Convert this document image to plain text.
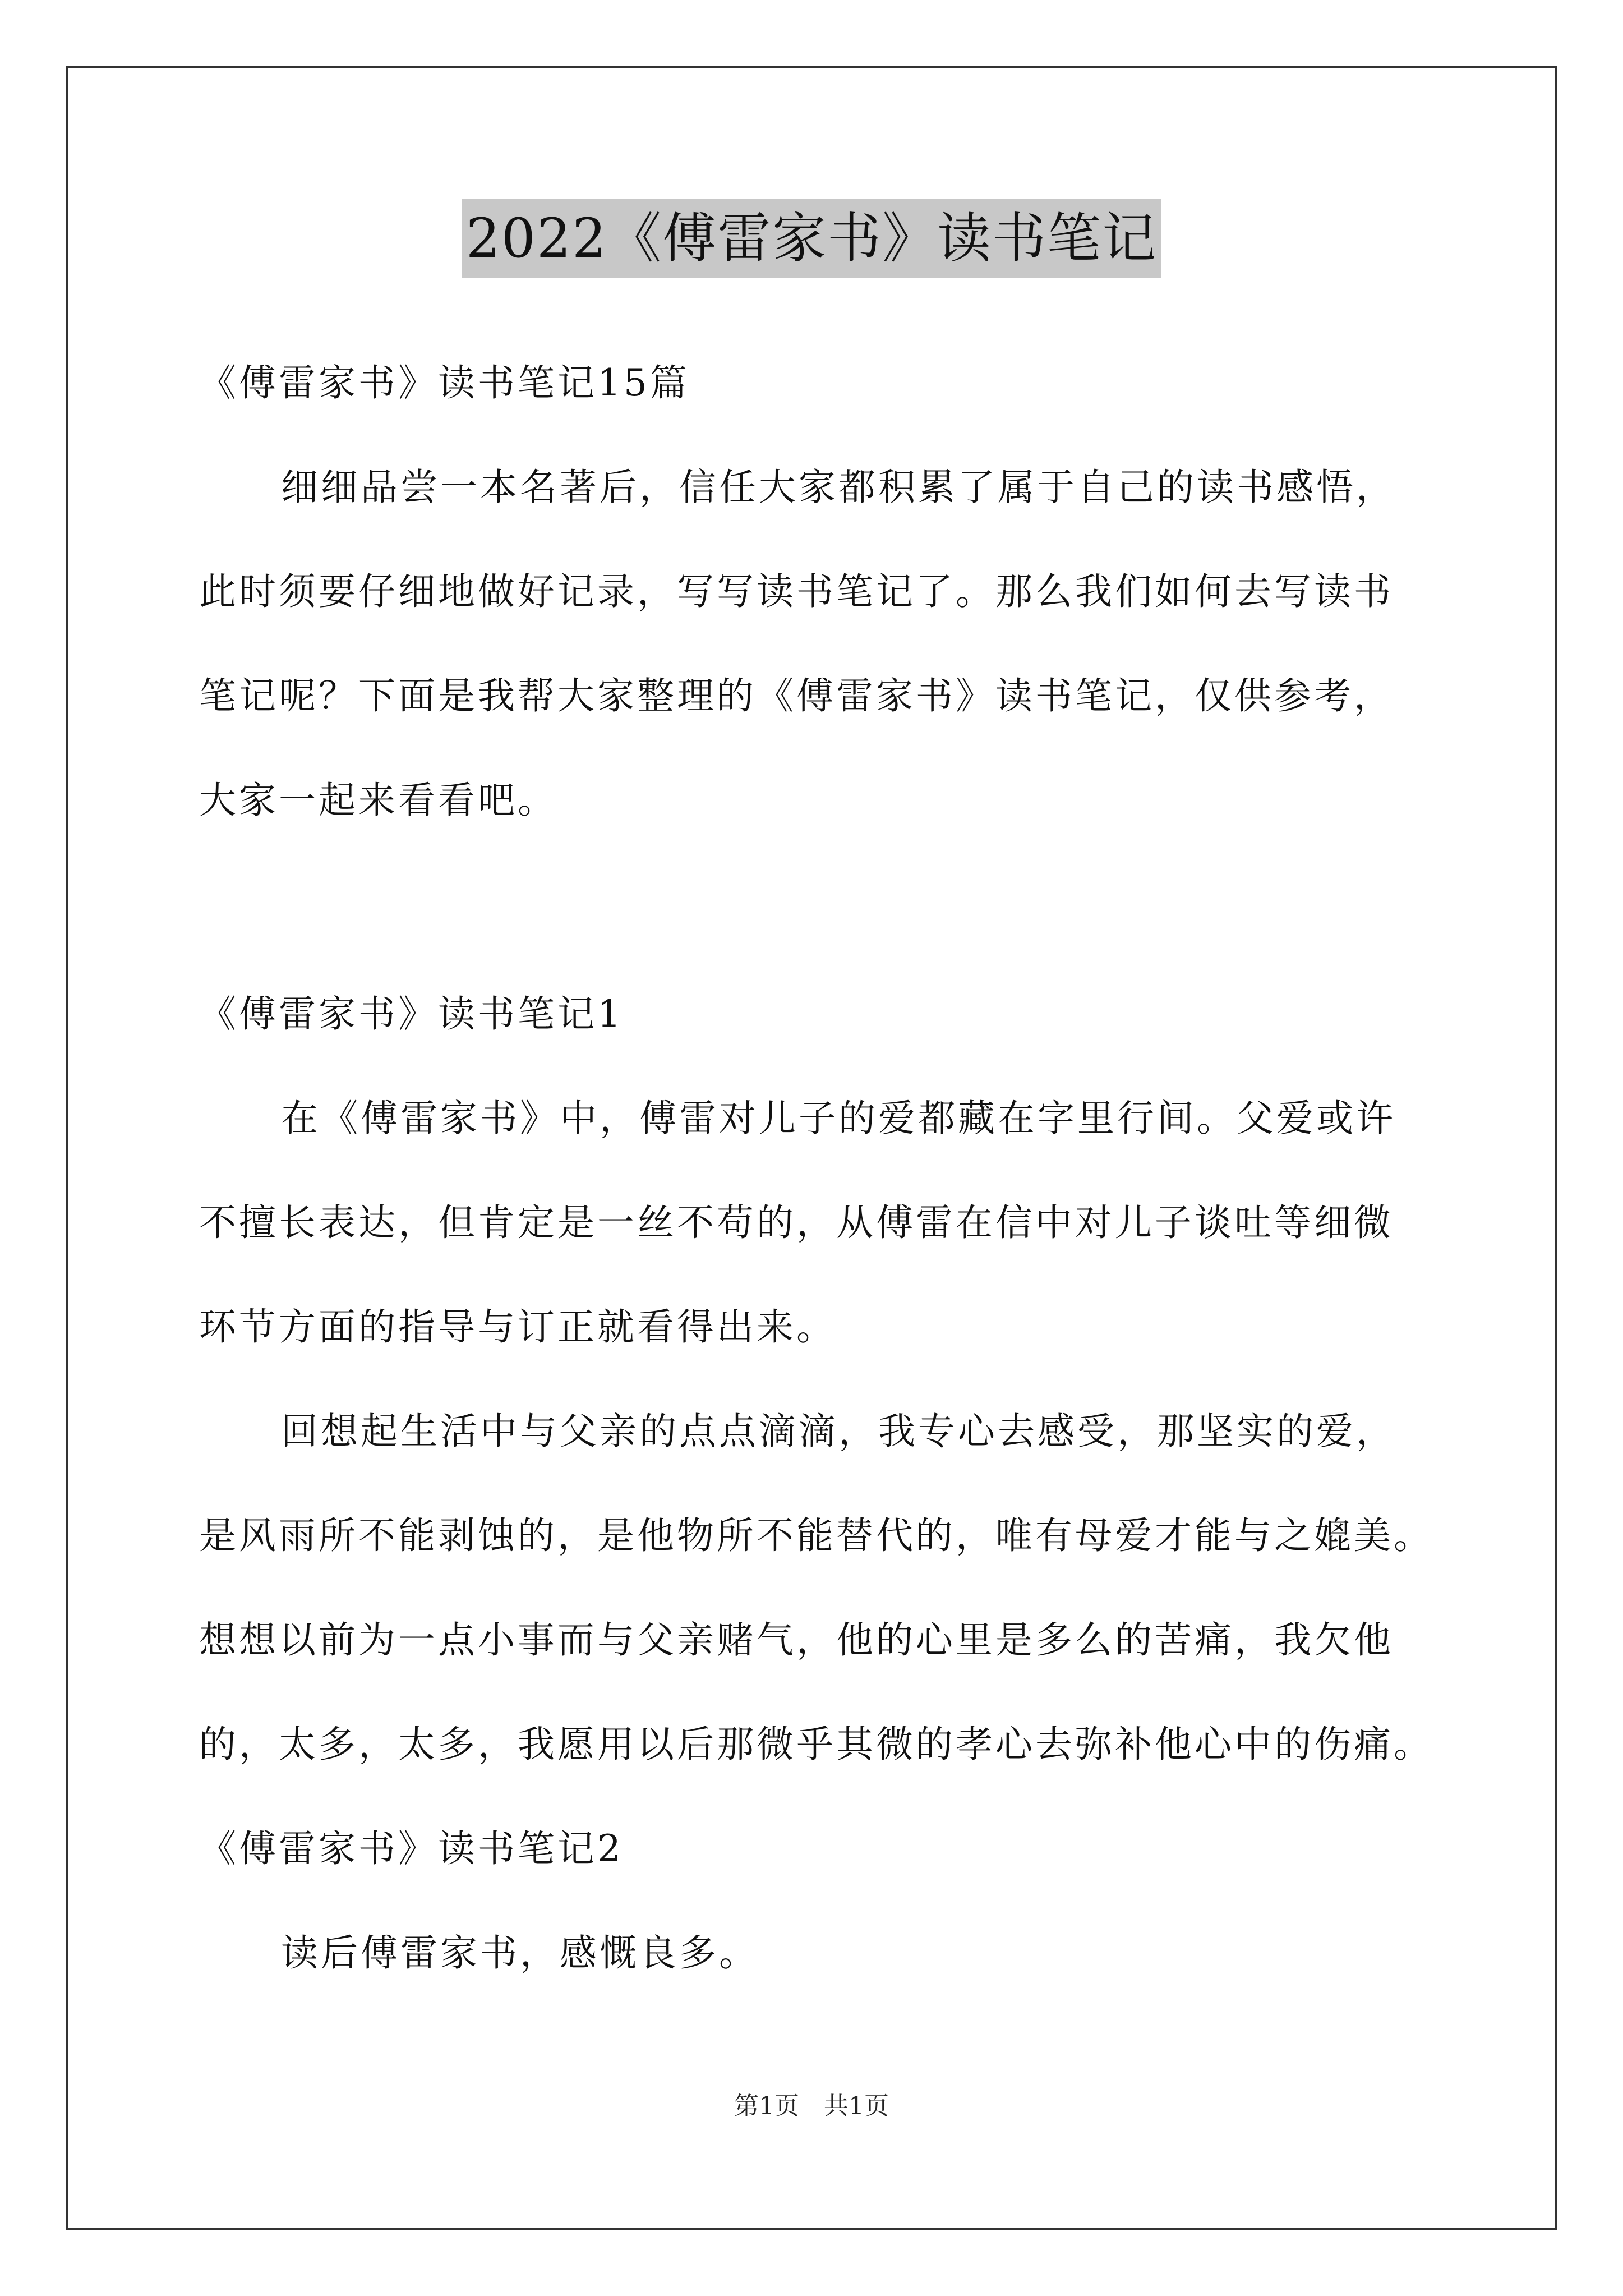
2022《傅雷家书》读书笔记
《傅雷家书》读书笔记15篇
细细品尝一本名著后，信任大家都积累了属于自己的读书感悟，
此时须要仔细地做好记录，写写读书笔记了。那么我们如何去写读书
笔记呢？下面是我帮大家整理的《傅雷家书》读书笔记，仅供参考，
大家一起来看看吧。
《傅雷家书》读书笔记1
在《傅雷家书》中，傅雷对儿子的爱都藏在字里行间。父爱或许
不擅长表达，但肯定是一丝不苟的，从傅雷在信中对儿子谈吐等细微
环节方面的指导与订正就看得出来。
回想起生活中与父亲的点点滴滴，我专心去感受，那坚实的爱，
是风雨所不能剥蚀的，是他物所不能替代的，唯有母爱才能与之媲美。
想想以前为一点小事而与父亲赌气，他的心里是多么的苦痛，我欠他
的，太多，太多，我愿用以后那微乎其微的孝心去弥补他心中的伤痛。
《傅雷家书》读书笔记2
读后傅雷家书，感慨良多。
第1页　共1页
